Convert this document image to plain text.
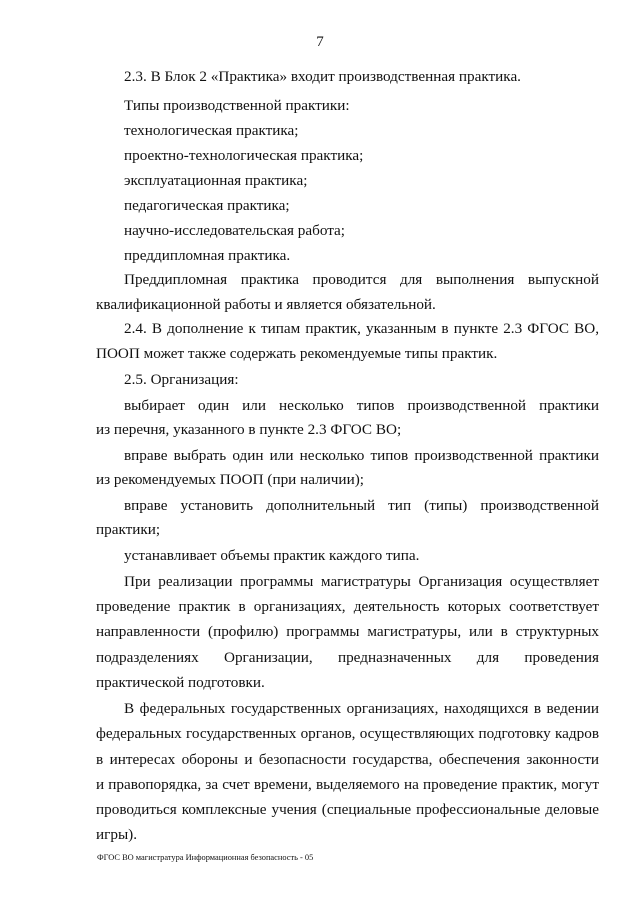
7
2.3. В Блок 2 «Практика» входит производственная практика.
Типы производственной практики:
технологическая практика;
проектно-технологическая практика;
эксплуатационная практика;
педагогическая практика;
научно-исследовательская работа;
преддипломная практика.
Преддипломная практика проводится для выполнения выпускной
квалификационной работы и является обязательной.
2.4. В дополнение к типам практик, указанным в пункте 2.3 ФГОС ВО,
ПООП может также содержать рекомендуемые типы практик.
2.5. Организация:
выбирает один или несколько типов производственной практики
из перечня, указанного в пункте 2.3 ФГОС ВО;
вправе выбрать один или несколько типов производственной практики
из рекомендуемых ПООП (при наличии);
вправе установить дополнительный тип (типы) производственной
практики;
устанавливает объемы практик каждого типа.
При реализации программы магистратуры Организация осуществляет
проведение практик в организациях, деятельность которых соответствует
направленности (профилю) программы магистратуры, или в структурных
подразделениях Организации, предназначенных для проведения
практической подготовки.
В федеральных государственных организациях, находящихся в ведении
федеральных государственных органов, осуществляющих подготовку кадров
в интересах обороны и безопасности государства, обеспечения законности
и правопорядка, за счет времени, выделяемого на проведение практик, могут
проводиться комплексные учения (специальные профессиональные деловые
игры).
ФГОС ВО магистратура Информационная безопасность - 05
